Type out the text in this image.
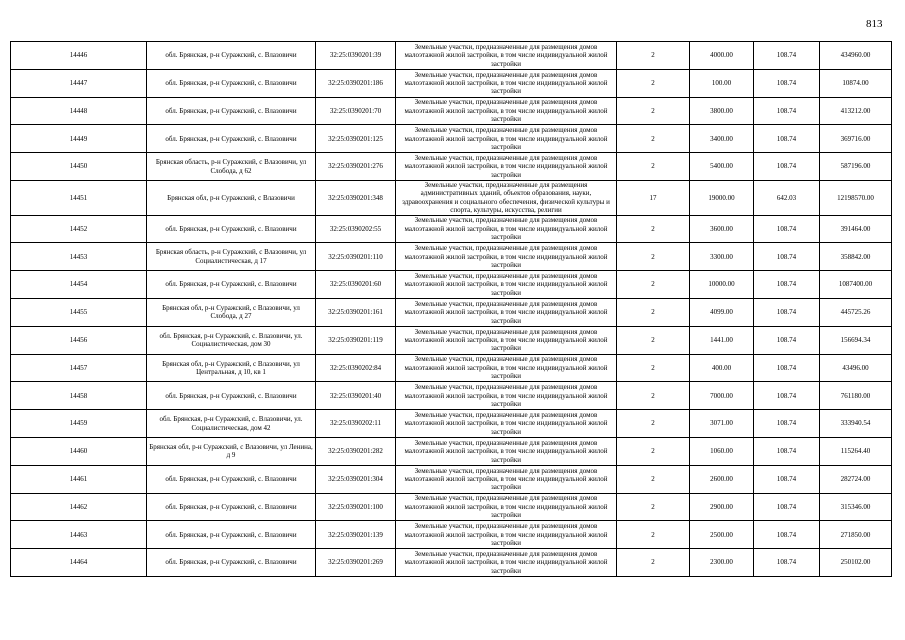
813
14446	обл. Брянская, р-н Суражский, с. Влазовичи	32:25:0390201:39	Земельные участки, предназначенные для размещения домов малоэтажной жилой застройки, в том числе индивидуальной жилой застройки	2	4000.00	108.74	434960.00
14447	обл. Брянская, р-н Суражский, с. Влазовичи	32:25:0390201:186	Земельные участки, предназначенные для размещения домов малоэтажной жилой застройки, в том числе индивидуальной жилой застройки	2	100.00	108.74	10874.00
14448	обл. Брянская, р-н Суражский, с. Влазовичи	32:25:0390201:70	Земельные участки, предназначенные для размещения домов малоэтажной жилой застройки, в том числе индивидуальной жилой застройки	2	3800.00	108.74	413212.00
14449	обл. Брянская, р-н Суражский, с. Влазовичи	32:25:0390201:125	Земельные участки, предназначенные для размещения домов малоэтажной жилой застройки, в том числе индивидуальной жилой застройки	2	3400.00	108.74	369716.00
14450	Брянская область, р-н Суражский, с Влазовичи, ул Слобода, д 62	32:25:0390201:276	Земельные участки, предназначенные для размещения домов малоэтажной жилой застройки, в том числе индивидуальной жилой застройки	2	5400.00	108.74	587196.00
14451	Брянская обл, р-н Суражский, с Влазовичи	32:25:0390201:348	Земельные участки, предназначенные для размещения административных зданий, объектов образования, науки, здравоохранения и социального обеспечения, физической культуры и спорта, культуры, искусства, религии	17	19000.00	642.03	12198570.00
14452	обл. Брянская, р-н Суражский, с. Влазовичи	32:25:0390202:55	Земельные участки, предназначенные для размещения домов малоэтажной жилой застройки, в том числе индивидуальной жилой застройки	2	3600.00	108.74	391464.00
14453	Брянская область, р-н Суражский, с Влазовичи, ул Социалистическая, д 17	32:25:0390201:110	Земельные участки, предназначенные для размещения домов малоэтажной жилой застройки, в том числе индивидуальной жилой застройки	2	3300.00	108.74	358842.00
14454	обл. Брянская, р-н Суражский, с. Влазовичи	32:25:0390201:60	Земельные участки, предназначенные для размещения домов малоэтажной жилой застройки, в том числе индивидуальной жилой застройки	2	10000.00	108.74	1087400.00
14455	Брянская обл, р-н Суражский, с Влазовичи, ул Слобода, д 27	32:25:0390201:161	Земельные участки, предназначенные для размещения домов малоэтажной жилой застройки, в том числе индивидуальной жилой застройки	2	4099.00	108.74	445725.26
14456	обл. Брянская, р-н Суражский, с. Влазовичи, ул. Социалистическая, дом 30	32:25:0390201:119	Земельные участки, предназначенные для размещения домов малоэтажной жилой застройки, в том числе индивидуальной жилой застройки	2	1441.00	108.74	156694.34
14457	Брянская обл, р-н Суражский, с Влазовичи, ул Центральная, д 10, кв 1	32:25:0390202:84	Земельные участки, предназначенные для размещения домов малоэтажной жилой застройки, в том числе индивидуальной жилой застройки	2	400.00	108.74	43496.00
14458	обл. Брянская, р-н Суражский, с. Влазовичи	32:25:0390201:40	Земельные участки, предназначенные для размещения домов малоэтажной жилой застройки, в том числе индивидуальной жилой застройки	2	7000.00	108.74	761180.00
14459	обл. Брянская, р-н Суражский, с. Влазовичи, ул. Социалистическая, дом 42	32:25:0390202:11	Земельные участки, предназначенные для размещения домов малоэтажной жилой застройки, в том числе индивидуальной жилой застройки	2	3071.00	108.74	333940.54
14460	Брянская обл, р-н Суражский, с Влазовичи, ул Ленина, д 9	32:25:0390201:282	Земельные участки, предназначенные для размещения домов малоэтажной жилой застройки, в том числе индивидуальной жилой застройки	2	1060.00	108.74	115264.40
14461	обл. Брянская, р-н Суражский, с. Влазовичи	32:25:0390201:304	Земельные участки, предназначенные для размещения домов малоэтажной жилой застройки, в том числе индивидуальной жилой застройки	2	2600.00	108.74	282724.00
14462	обл. Брянская, р-н Суражский, с. Влазовичи	32:25:0390201:100	Земельные участки, предназначенные для размещения домов малоэтажной жилой застройки, в том числе индивидуальной жилой застройки	2	2900.00	108.74	315346.00
14463	обл. Брянская, р-н Суражский, с. Влазовичи	32:25:0390201:139	Земельные участки, предназначенные для размещения домов малоэтажной жилой застройки, в том числе индивидуальной жилой застройки	2	2500.00	108.74	271850.00
14464	обл. Брянская, р-н Суражский, с. Влазовичи	32:25:0390201:269	Земельные участки, предназначенные для размещения домов малоэтажной жилой застройки, в том числе индивидуальной жилой застройки	2	2300.00	108.74	250102.00
